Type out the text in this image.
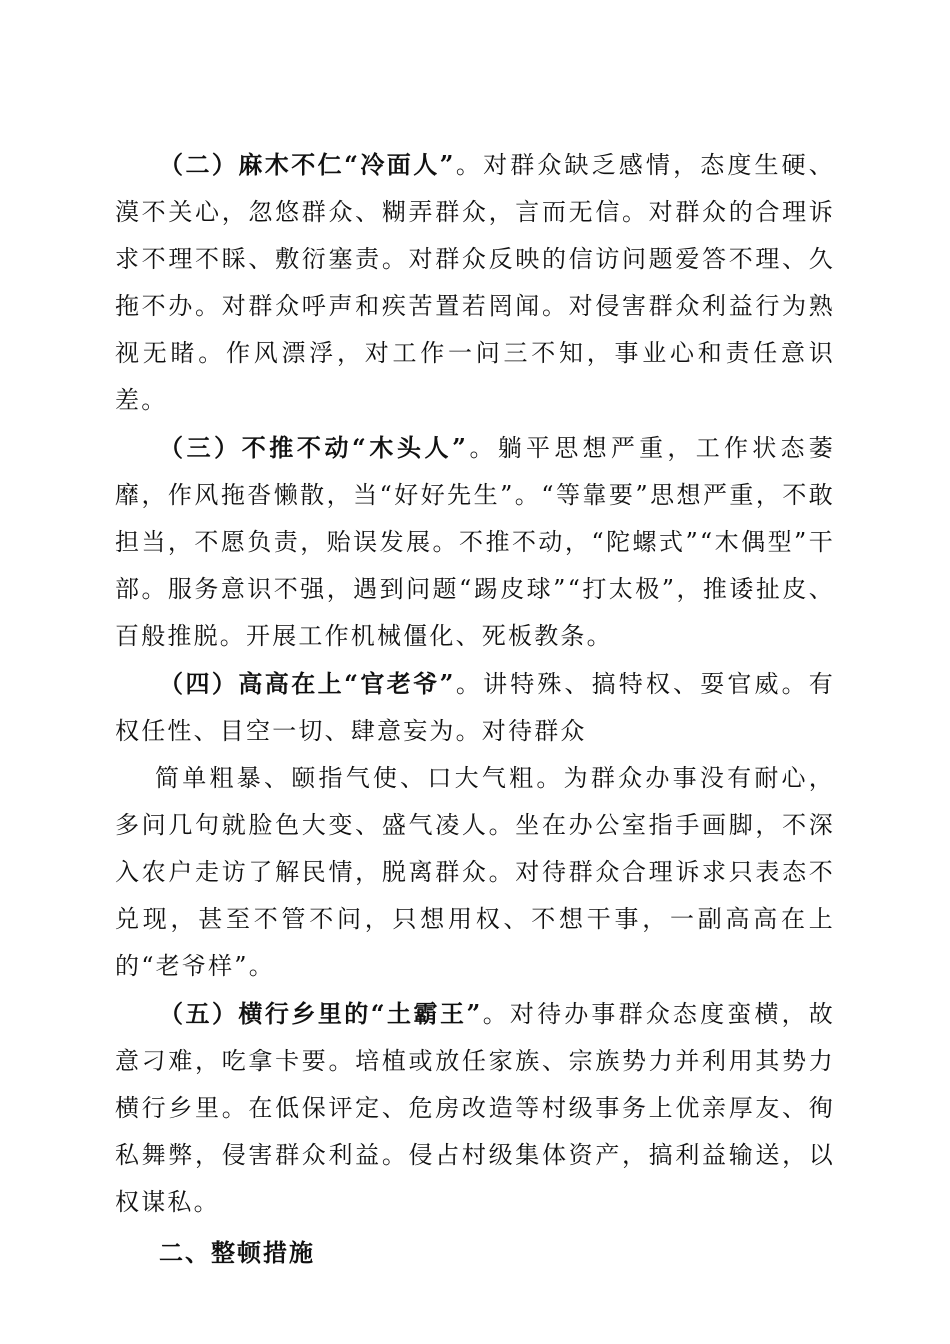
（二）麻木不仁“冷面人”。对群众缺乏感情，态度生硬、漠不关心，忽悠群众、糊弄群众，言而无信。对群众的合理诉求不理不睬、敷衍塞责。对群众反映的信访问题爱答不理、久拖不办。对群众呼声和疾苦置若罔闻。对侵害群众利益行为熟视无睹。作风漂浮，对工作一问三不知，事业心和责任意识差。

（三）不推不动“木头人”。躺平思想严重，工作状态萎靡，作风拖沓懒散，当“好好先生”。“等靠要”思想严重，不敢担当，不愿负责，贻误发展。不推不动，“陀螺式”“木偶型”干部。服务意识不强，遇到问题“踢皮球”“打太极”，推诿扯皮、百般推脱。开展工作机械僵化、死板教条。

（四）高高在上“官老爷”。讲特殊、搞特权、耍官威。有权任性、目空一切、肆意妄为。对待群众

简单粗暴、颐指气使、口大气粗。为群众办事没有耐心，多问几句就脸色大变、盛气凌人。坐在办公室指手画脚，不深入农户走访了解民情，脱离群众。对待群众合理诉求只表态不兑现，甚至不管不问，只想用权、不想干事，一副高高在上的“老爷样”。

（五）横行乡里的“土霸王”。对待办事群众态度蛮横，故意刁难，吃拿卡要。培植或放任家族、宗族势力并利用其势力横行乡里。在低保评定、危房改造等村级事务上优亲厚友、徇私舞弊，侵害群众利益。侵占村级集体资产，搞利益输送，以权谋私。

二、整顿措施
